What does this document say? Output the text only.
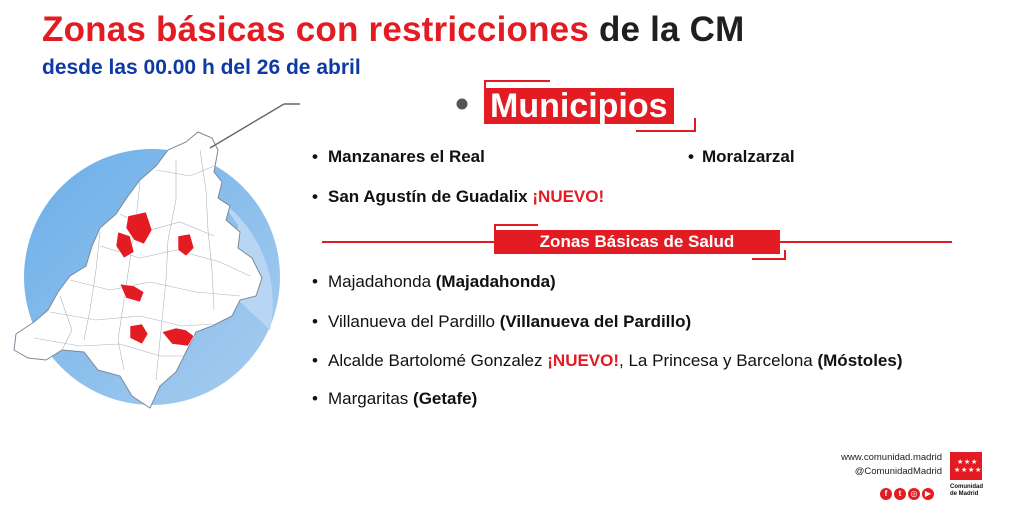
Zonas básicas con restricciones de la CM
desde las 00.00 h del 26 de abril
Municipios
• Manzanares el Real	• Moralzarzal
• San Agustín de Guadalix ¡NUEVO!
Zonas Básicas de Salud
• Majadahonda (Majadahonda)
• Villanueva del Pardillo (Villanueva del Pardillo)
• Alcalde Bartolomé Gonzalez ¡NUEVO!, La Princesa y Barcelona (Móstoles)
• Margaritas (Getafe)
www.comunidad.madrid
@ComunidadMadrid
f t ◎ ▶
★ ★ ★
★ ★ ★ ★
Comunidad
de Madrid
